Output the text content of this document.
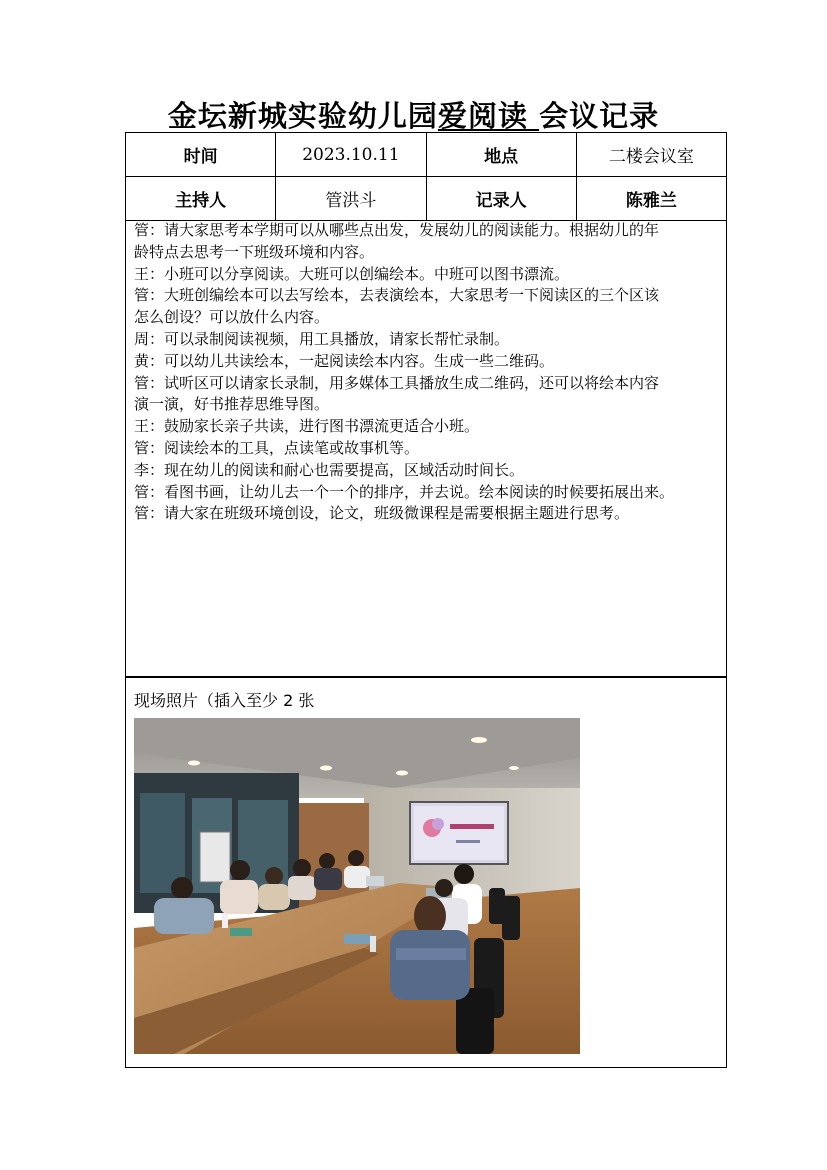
金坛新城实验幼儿园爱阅读 会议记录
时间	2023.10.11	地点	二楼会议室
主持人	管洪斗	记录人	陈雅兰

管：请大家思考本学期可以从哪些点出发，发展幼儿的阅读能力。根据幼儿的年

龄特点去思考一下班级环境和内容。

王：小班可以分享阅读。大班可以创编绘本。中班可以图书漂流。

管：大班创编绘本可以去写绘本，去表演绘本，大家思考一下阅读区的三个区该

怎么创设？可以放什么内容。

周：可以录制阅读视频，用工具播放，请家长帮忙录制。

黄：可以幼儿共读绘本，一起阅读绘本内容。生成一些二维码。

管：试听区可以请家长录制，用多媒体工具播放生成二维码，还可以将绘本内容

演一演，好书推荐思维导图。

王：鼓励家长亲子共读，进行图书漂流更适合小班。

管：阅读绘本的工具，点读笔或故事机等。

李：现在幼儿的阅读和耐心也需要提高，区域活动时间长。

管：看图书画，让幼儿去一个一个的排序，并去说。绘本阅读的时候要拓展出来。

管：请大家在班级环境创设，论文，班级微课程是需要根据主题进行思考。

现场照片（插入至少 2 张
